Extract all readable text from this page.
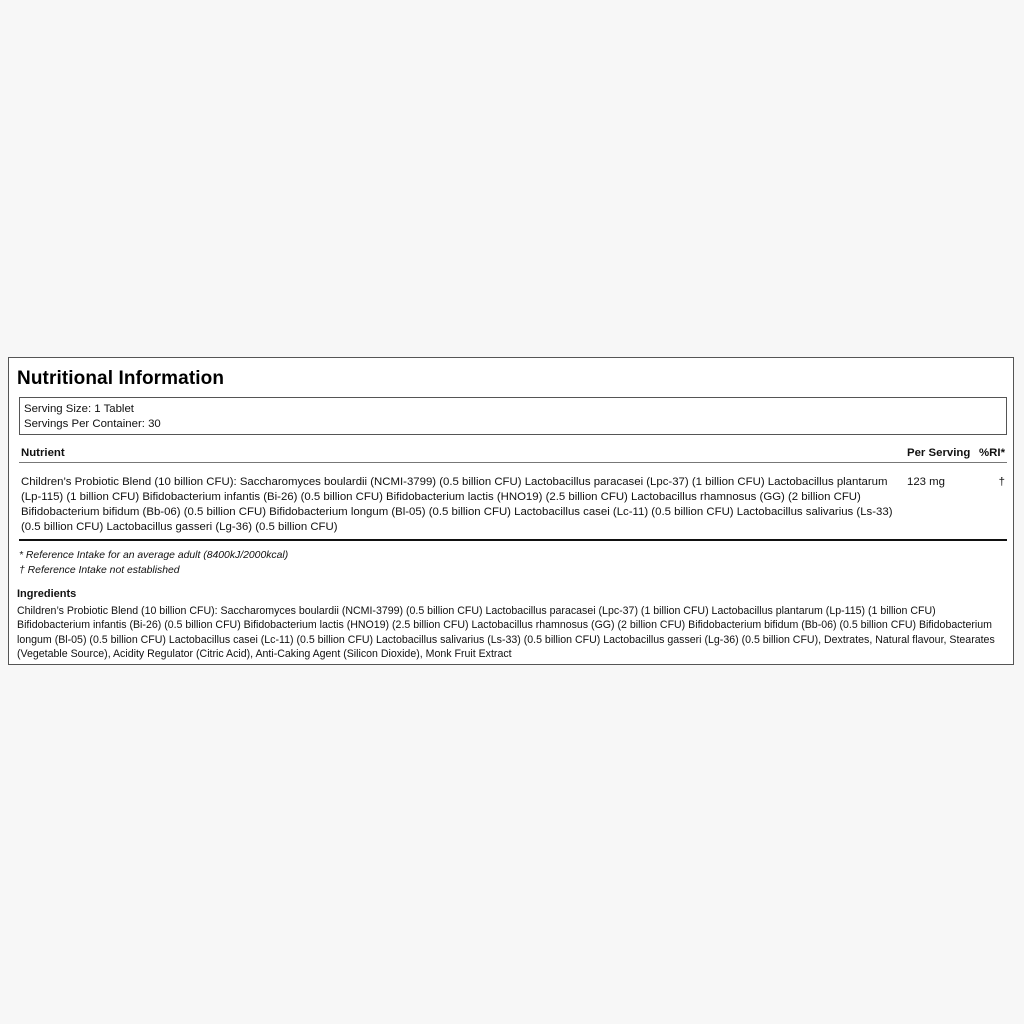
Nutritional Information
Serving Size: 1 Tablet
Servings Per Container: 30
Nutrient	Per Serving %RI*
Children’s Probiotic Blend (10 billion CFU): Saccharomyces boulardii (NCMI-3799) (0.5 billion CFU) Lactobacillus paracasei (Lpc-37) (1 billion CFU) Lactobacillus plantarum (Lp-115) (1 billion CFU) Bifidobacterium infantis (Bi-26) (0.5 billion CFU) Bifidobacterium lactis (HNO19) (2.5 billion CFU) Lactobacillus rhamnosus (GG) (2 billion CFU) Bifidobacterium bifidum (Bb-06) (0.5 billion CFU) Bifidobacterium longum (Bl-05) (0.5 billion CFU) Lactobacillus casei (Lc-11) (0.5 billion CFU) Lactobacillus salivarius (Ls-33) (0.5 billion CFU) Lactobacillus gasseri (Lg-36) (0.5 billion CFU)
123 mg	†
* Reference Intake for an average adult (8400kJ/2000kcal)
† Reference Intake not established
Ingredients
Children’s Probiotic Blend (10 billion CFU): Saccharomyces boulardii (NCMI-3799) (0.5 billion CFU) Lactobacillus paracasei (Lpc-37) (1 billion CFU) Lactobacillus plantarum (Lp-115) (1 billion CFU) Bifidobacterium infantis (Bi-26) (0.5 billion CFU) Bifidobacterium lactis (HNO19) (2.5 billion CFU) Lactobacillus rhamnosus (GG) (2 billion CFU) Bifidobacterium bifidum (Bb-06) (0.5 billion CFU) Bifidobacterium longum (Bl-05) (0.5 billion CFU) Lactobacillus casei (Lc-11) (0.5 billion CFU) Lactobacillus salivarius (Ls-33) (0.5 billion CFU) Lactobacillus gasseri (Lg-36) (0.5 billion CFU), Dextrates, Natural flavour, Stearates (Vegetable Source), Acidity Regulator (Citric Acid), Anti-Caking Agent (Silicon Dioxide), Monk Fruit Extract
